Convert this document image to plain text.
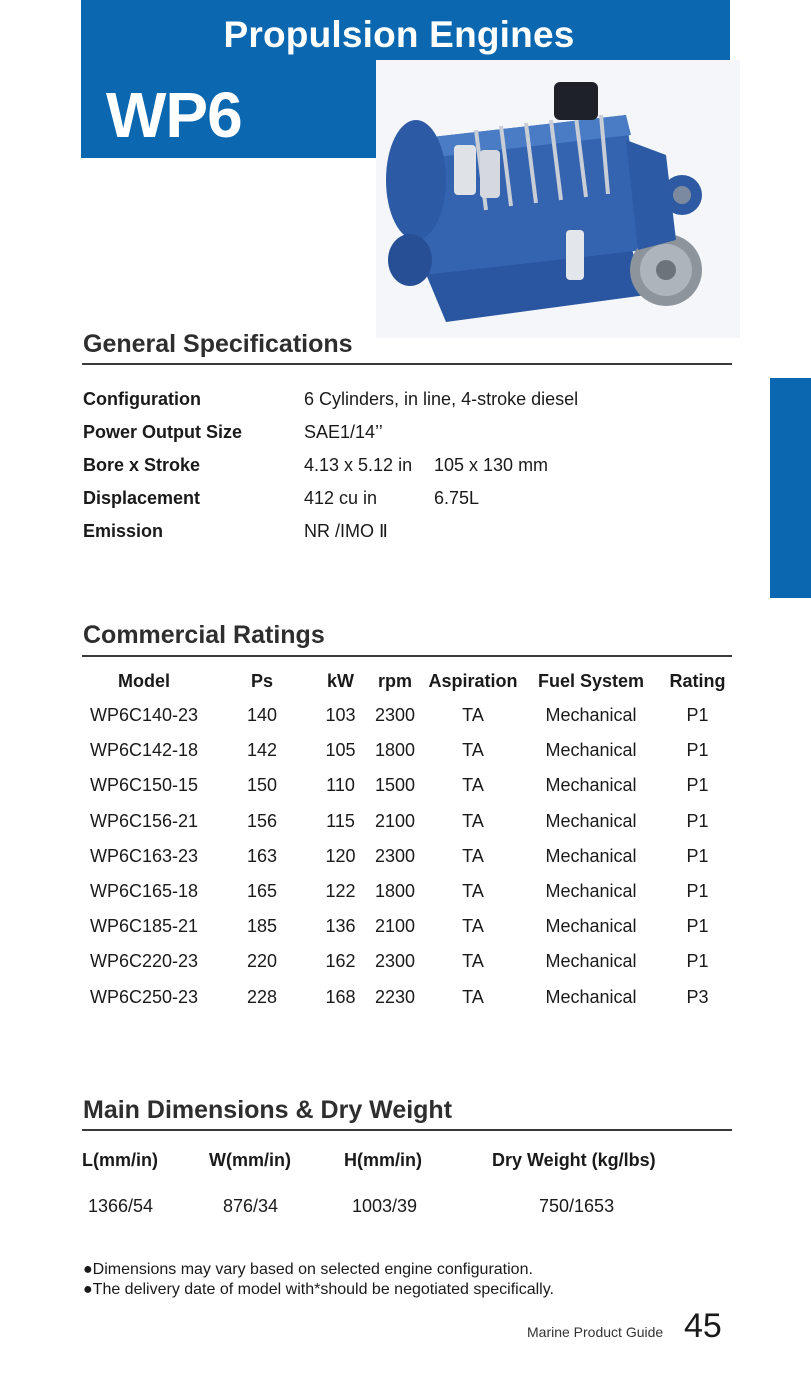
Propulsion Engines
WP6
General Specifications
Configuration	6 Cylinders, in line, 4-stroke diesel
Power Output Size	SAE1/14’’
Bore x Stroke	4.13 x 5.12 in 105 x 130 mm
Displacement	412 cu in	6.75L
Emission	NR /IMO Ⅱ
Commercial Ratings
Model	Ps	kW	rpm	Aspiration	Fuel System	Rating
WP6C140-23	140	103	2300	TA	Mechanical	P1
WP6C142-18	142	105	1800	TA	Mechanical	P1
WP6C150-15	150	110	1500	TA	Mechanical	P1
WP6C156-21	156	115	2100	TA	Mechanical	P1
WP6C163-23	163	120	2300	TA	Mechanical	P1
WP6C165-18	165	122	1800	TA	Mechanical	P1
WP6C185-21	185	136	2100	TA	Mechanical	P1
WP6C220-23	220	162	2300	TA	Mechanical	P1
WP6C250-23	228	168	2230	TA	Mechanical	P3
Main Dimensions & Dry Weight
L(mm/in)	W(mm/in)	H(mm/in)	Dry Weight (kg/lbs)
1366/54	876/34	1003/39	750/1653
●Dimensions may vary based on selected engine configuration.
●The delivery date of model with*should be negotiated specifically.
Marine Product Guide 45
